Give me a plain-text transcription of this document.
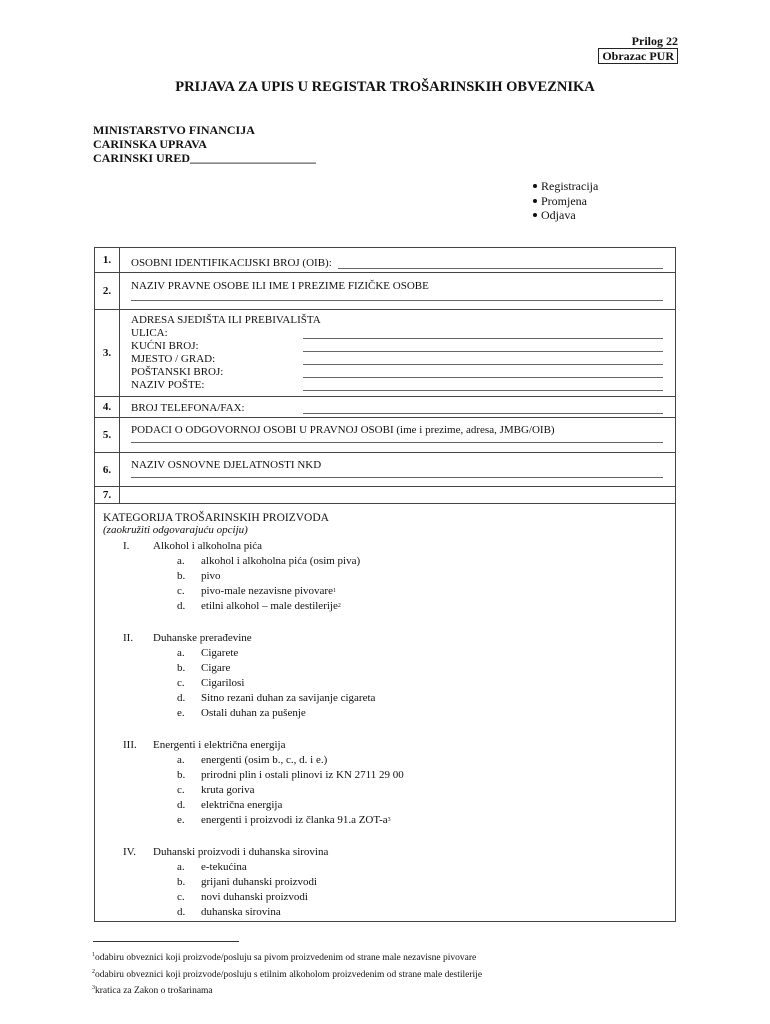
Prilog 22
Obrazac PUR
PRIJAVA ZA UPIS U REGISTAR TROŠARINSKIH OBVEZNIKA
MINISTARSTVO FINANCIJA
CARINSKA UPRAVA
CARINSKI URED_____________________
Registracija
Promjena
Odjava
1.	OSOBNI IDENTIFIKACIJSKI BROJ (OIB):
2.	NAZIV PRAVNE OSOBE ILI IME I PREZIME FIZIČKE OSOBE
3.
ADRESA SJEDIŠTA ILI PREBIVALIŠTA
ULICA:
KUĆNI BROJ:
MJESTO / GRAD:
POŠTANSKI BROJ:
NAZIV POŠTE:
4.	BROJ TELEFONA/FAX:
5.	PODACI O ODGOVORNOJ OSOBI U PRAVNOJ OSOBI (ime i prezime, adresa, JMBG/OIB)
6.	NAZIV OSNOVNE DJELATNOSTI NKD
7.
KATEGORIJA TROŠARINSKIH PROIZVODA
(zaokružiti odgovarajuću opciju)
I.	Alkohol i alkoholna pića
a.	alkohol i alkoholna pića (osim piva)
b.	pivo
c.	pivo-male nezavisne pivovare 1
d.	etilni alkohol – male destilerije 2
II.	Duhanske prerađevine
a.	Cigarete
b.	Cigare
c.	Cigarilosi
d.	Sitno rezani duhan za savijanje cigareta
e.	Ostali duhan za pušenje
III.	Energenti i električna energija
a.	energenti (osim b., c., d. i e.)
b.	prirodni plin i ostali plinovi iz KN 2711 29 00
c.	kruta goriva
d.	električna energija
e.	energenti i proizvodi iz članka 91.a ZOT-a 3
IV.	Duhanski proizvodi i duhanska sirovina
a.	e-tekućina
b.	grijani duhanski proizvodi
c.	novi duhanski proizvodi
d.	duhanska sirovina
$^1$odabiru obveznici koji proizvode/posluju sa pivom proizvedenim od strane male nezavisne pivovare
$^2$odabiru obveznici koji proizvode/posluju s etilnim alkoholom proizvedenim od strane male destilerije
$^3$kratica za Zakon o trošarinama
